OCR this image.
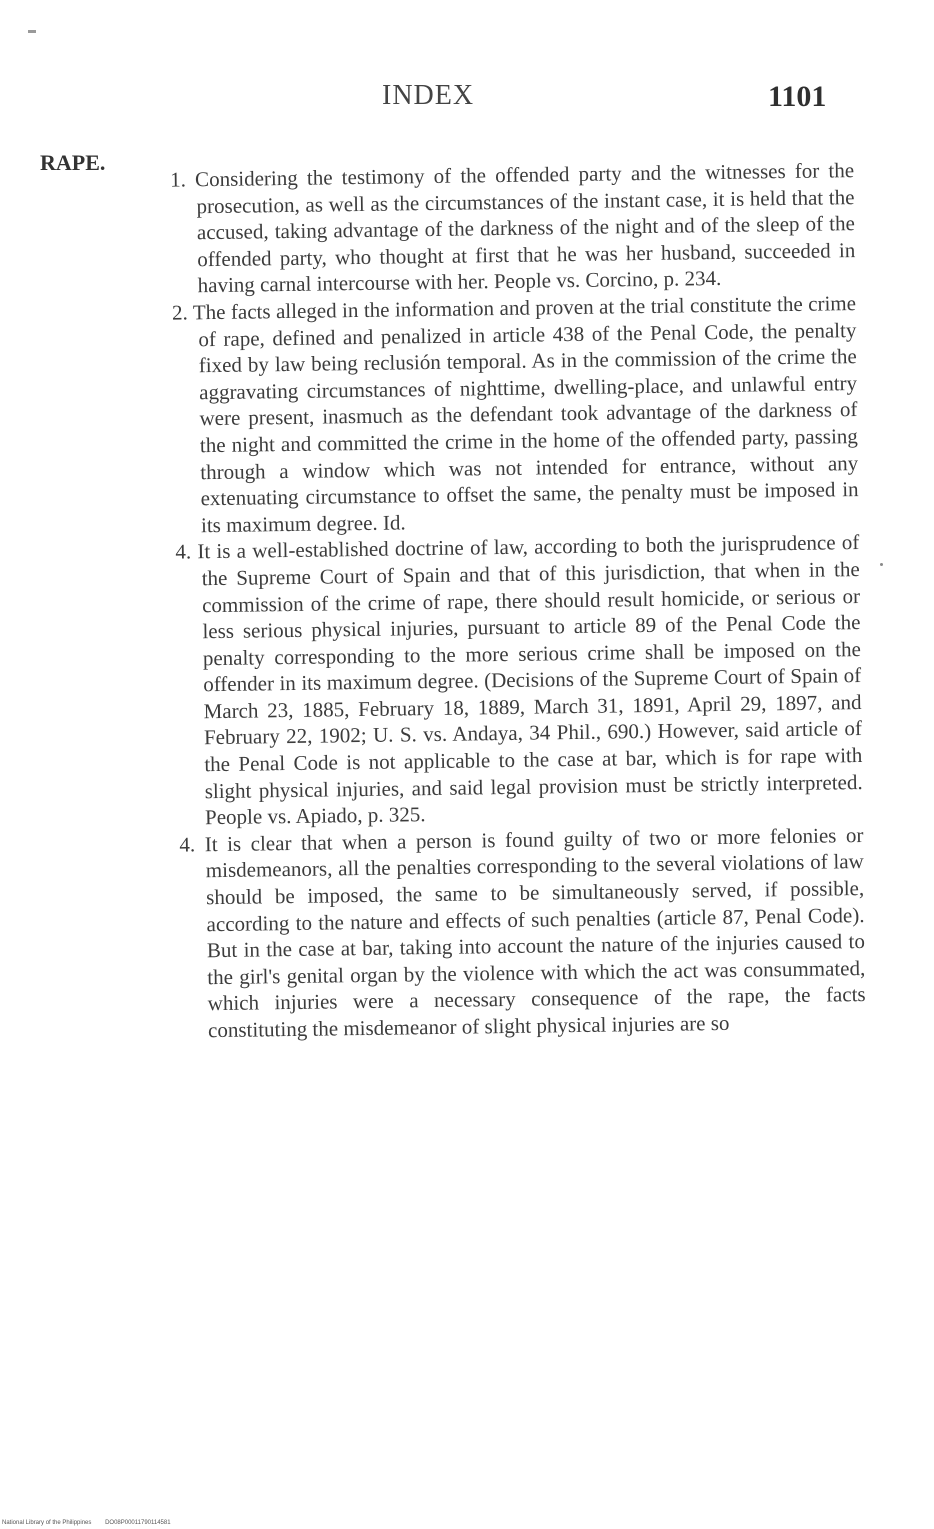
INDEX	1101
RAPE.	1. Considering the testimony of the offended party and the witnesses for the prosecution, as well as the circumstances of the instant case, it is held that the accused, taking advantage of the darkness of the night and of the sleep of the offended party, who thought at first that he was her husband, succeeded in having carnal intercourse with her. People vs. Corcino, p. 234.

2. The facts alleged in the information and proven at the trial constitute the crime of rape, defined and penalized in article 438 of the Penal Code, the penalty fixed by law being reclusión temporal. As in the commission of the crime the aggravating circumstances of nighttime, dwelling-place, and unlawful entry were present, inasmuch as the defendant took advantage of the darkness of the night and committed the crime in the home of the offended party, passing through a window which was not intended for entrance, without any extenuating circumstance to offset the same, the penalty must be imposed in its maximum degree. Id.

4. It is a well-established doctrine of law, according to both the jurisprudence of the Supreme Court of Spain and that of this jurisdiction, that when in the commission of the crime of rape, there should result homicide, or serious or less serious physical injuries, pursuant to article 89 of the Penal Code the penalty corresponding to the more serious crime shall be imposed on the offender in its maximum degree. (Decisions of the Supreme Court of Spain of March 23, 1885, February 18, 1889, March 31, 1891, April 29, 1897, and February 22, 1902; U. S. vs. Andaya, 34 Phil., 690.) However, said article of the Penal Code is not applicable to the case at bar, which is for rape with slight physical injuries, and said legal provision must be strictly interpreted. People vs. Apiado, p. 325.

4. It is clear that when a person is found guilty of two or more felonies or misdemeanors, all the penalties corresponding to the several violations of law should be imposed, the same to be simultaneously served, if possible, according to the nature and effects of such penalties (article 87, Penal Code). But in the case at bar, taking into account the nature of the injuries caused to the girl's genital organ by the violence with which the act was consummated, which injuries were a necessary consequence of the rape, the facts constituting the misdemeanor of slight physical injuries are so

National Library of the Philippines DO08P00011790114581
